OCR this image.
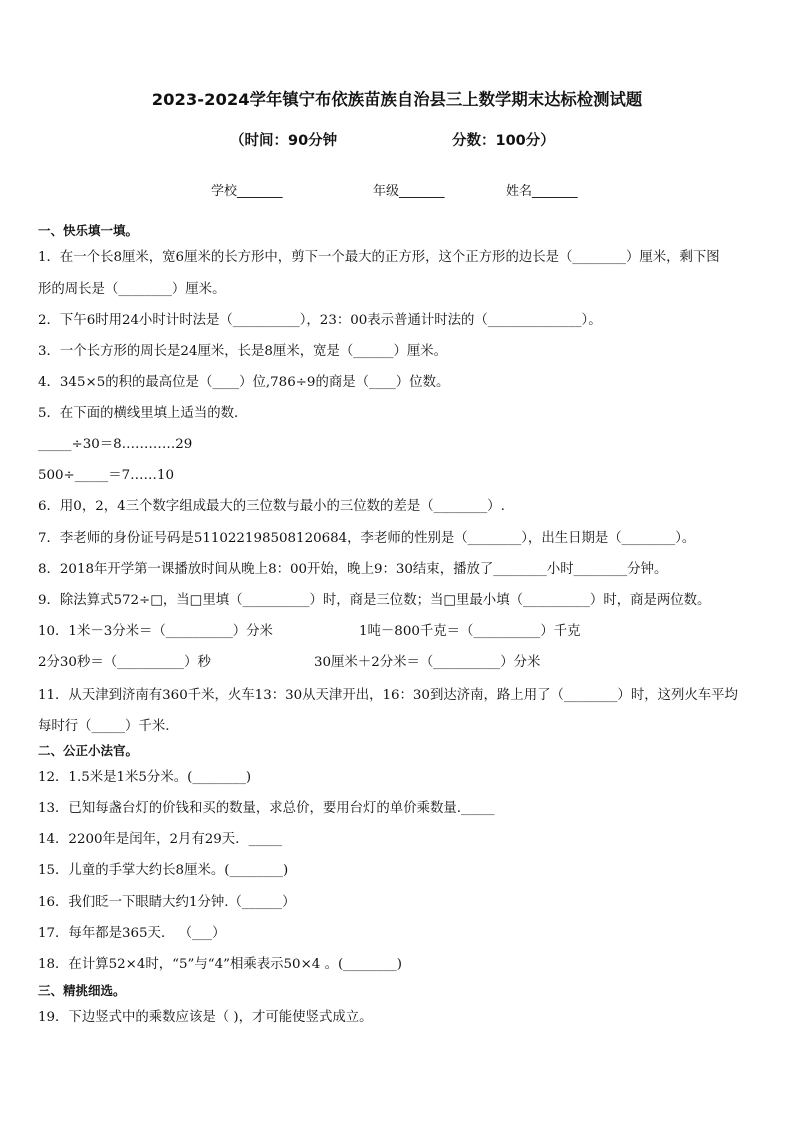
2023-2024学年镇宁布依族苗族自治县三上数学期末达标检测试题
（时间：90分钟	分数：100分）
学校_______	年级_______	姓名_______
一、快乐填一填。
1．在一个长8厘米，宽6厘米的长方形中，剪下一个最大的正方形，这个正方形的边长是（________）厘米，剩下图
形的周长是（________）厘米。
2．下午6时用24小时计时法是（__________），23：00表示普通计时法的（______________）。
3．一个长方形的周长是24厘米，长是8厘米，宽是（______）厘米。
4．345×5的积的最高位是（____）位,786÷9的商是（____）位数。
5．在下面的横线里填上适当的数．
_____÷30＝8…………29
500÷_____＝7……10
6．用0，2，4三个数字组成最大的三位数与最小的三位数的差是（________）.
7．李老师的身份证号码是511022198508120684，李老师的性别是（________），出生日期是（________）。
8．2018年开学第一课播放时间从晚上8：00开始，晚上9：30结束，播放了________小时________分钟。
9．除法算式572÷□，当□里填（__________）时，商是三位数；当□里最小填（__________）时，商是两位数。
10．1米－3分米＝（__________）分米	1吨－800千克＝（__________）千克
2分30秒＝（__________）秒	30厘米＋2分米＝（__________）分米
11．从天津到济南有360千米，火车13：30从天津开出，16：30到达济南，路上用了（________）时，这列火车平均
每时行（_____）千米.
二、公正小法官。
12．1.5米是1米5分米。(________)
13．已知每盏台灯的价钱和买的数量，求总价，要用台灯的单价乘数量._____
14．2200年是闰年，2月有29天．_____
15．儿童的手掌大约长8厘米。(________)
16．我们眨一下眼睛大约1分钟.（______）
17．每年都是365天． （___）
18．在计算52×4时，“5”与“4”相乘表示50×4 。(________)
三、精挑细选。
19．下边竖式中的乘数应该是（ )，才可能使竖式成立。
